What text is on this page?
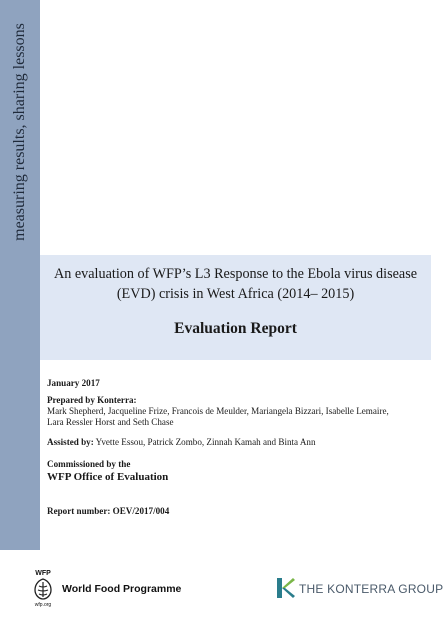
measuring results, sharing lessons
An evaluation of WFP’s L3 Response to the Ebola virus disease
(EVD) crisis in West Africa (2014– 2015)
Evaluation Report
January 2017
Prepared by Konterra:
Mark Shepherd, Jacqueline Frize, Francois de Meulder, Mariangela Bizzari, Isabelle Lemaire,
Lara Ressler Horst and Seth Chase
Assisted by: Yvette Essou, Patrick Zombo, Zinnah Kamah and Binta Ann
Commissioned by the
WFP Office of Evaluation
Report number: OEV/2017/004
WFP
wfp.org
World Food Programme	THE KONTERRA GROUP
